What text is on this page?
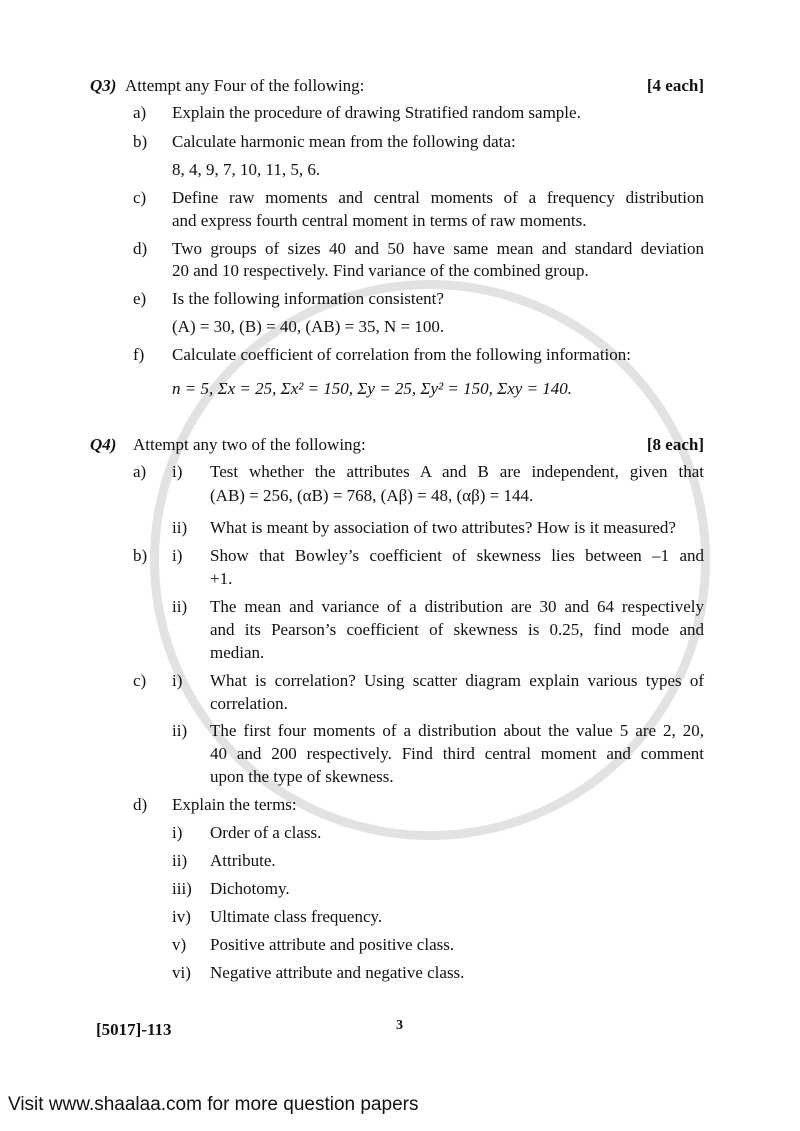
Q3) Attempt any Four of the following:	[4 each]
a) Explain the procedure of drawing Stratified random sample.
b) Calculate harmonic mean from the following data:
8, 4, 9, 7, 10, 11, 5, 6.
c) Define raw moments and central moments of a frequency distribution
and express fourth central moment in terms of raw moments.
d) Two groups of sizes 40 and 50 have same mean and standard deviation
20 and 10 respectively. Find variance of the combined group.
e) Is the following information consistent?
(A) = 30, (B) = 40, (AB) = 35, N = 100.
f) Calculate coefficient of correlation from the following information:
n = 5, Σx = 25, Σx² = 150, Σy = 25, Σy² = 150, Σxy = 140.
Q4) Attempt any two of the following:	[8 each]
a) i) Test whether the attributes A and B are independent, given that
(AB) = 256, (αB) = 768, (Aβ) = 48, (αβ) = 144.
ii) What is meant by association of two attributes? How is it measured?
b) i) Show that Bowley’s coefficient of skewness lies between –1 and
+1.
ii) The mean and variance of a distribution are 30 and 64 respectively
and its Pearson’s coefficient of skewness is 0.25, find mode and
median.
c) i) What is correlation? Using scatter diagram explain various types of
correlation.
ii) The first four moments of a distribution about the value 5 are 2, 20,
40 and 200 respectively. Find third central moment and comment
upon the type of skewness.
d) Explain the terms:
i) Order of a class.
ii) Attribute.
iii) Dichotomy.
iv) Ultimate class frequency.
v) Positive attribute and positive class.
vi) Negative attribute and negative class.
[5017]-113	3
Visit www.shaalaa.com for more question papers
